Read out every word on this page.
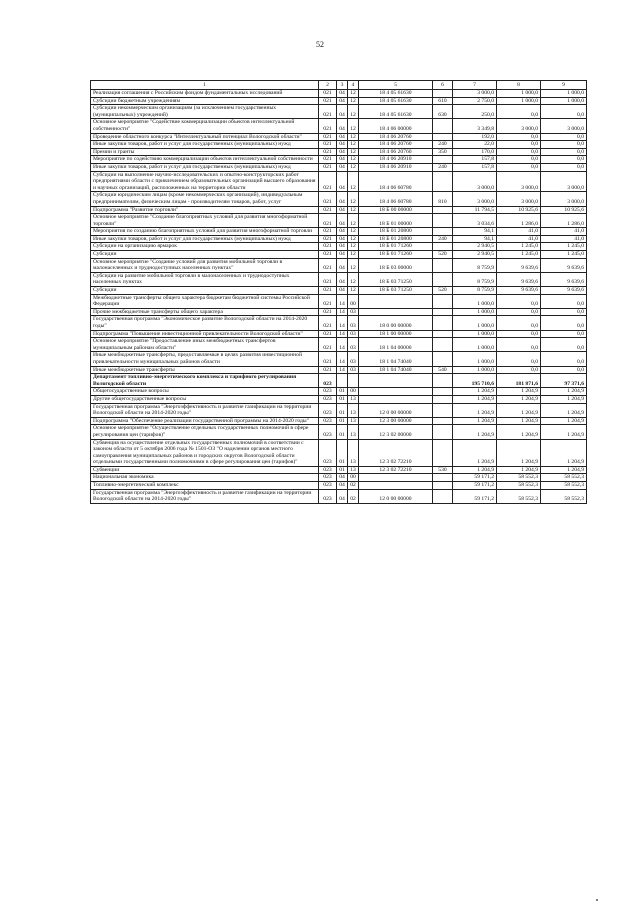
52
1	2	3	4	5	6	7	8	9
Реализация соглашения с Российским фондом фундаментальных исследований	021	04	12	18 4 05 61630		3 000,0	1 000,0	1 000,0
Субсидии бюджетным учреждениям	021	04	12	18 4 05 61630	610	2 750,0	1 000,0	1 000,0
Субсидии некоммерческим организациям (за исключением государственных (муниципальных) учреждений)	021	04	12	18 4 05 61630	630	250,0	0,0	0,0
Основное мероприятие "Содействие коммерциализации объектов интеллектуальной собственности"	021	04	12	18 4 06 00000		3 349,8	3 000,0	3 000,0
Проведение областного конкурса "Интеллектуальный потенциал Вологодской области"	021	04	12	18 4 06 20760		192,0	0,0	0,0
Иные закупки товаров, работ и услуг для государственных (муниципальных) нужд	021	04	12	18 4 06 20760	240	22,0	0,0	0,0
Премии и гранты	021	04	12	18 4 06 20760	350	170,0	0,0	0,0
Мероприятие по содействию коммерциализации объектов интеллектуальной собственности	021	04	12	18 4 06 20910		157,8	0,0	0,0
Иные закупки товаров, работ и услуг для государственных (муниципальных) нужд	021	04	12	18 4 06 20910	240	157,8	0,0	0,0
Субсидии на выполнение научно-исследовательских и опытно-конструкторских работ предприятиями области с привлечением образовательных организаций высшего образования и научных организаций, расположенных на территории области	021	04	12	18 4 06 60780		3 000,0	3 000,0	3 000,0
Субсидии юридическим лицам (кроме некоммерческих организаций), индивидуальным предпринимателям, физическим лицам - производителям товаров, работ, услуг	021	04	12	18 4 06 60780	810	3 000,0	3 000,0	3 000,0
Подпрограмма "Развитие торговли"	021	04	12	18 Б 00 00000		11 794,5	10 925,6	10 925,6
Основное мероприятие "Создание благоприятных условий для развития многоформатной торговли"	021	04	12	18 Б 01 00000		3 034,6	1 286,0	1 286,0
Мероприятия по созданию благоприятных условий для развития многоформатной торговли	021	04	12	18 Б 01 20800		94,1	41,0	41,0
Иные закупки товаров, работ и услуг для государственных (муниципальных) нужд	021	04	12	18 Б 01 20800	240	94,1	41,0	41,0
Субсидии на организацию ярмарок	021	04	12	18 Б 01 71260		2 940,5	1 245,0	1 245,0
Субсидии	021	04	12	18 Б 01 71260	520	2 940,5	1 245,0	1 245,0
Основное мероприятие "Создание условий для развития мобильной торговли в малонаселенных и труднодоступных населенных пунктах"	021	04	12	18 Б 03 00000		8 759,9	9 639,6	9 639,6
Субсидии на развитие мобильной торговли в малонаселенных и труднодоступных населенных пунктах	021	04	12	18 Б 03 71250		8 759,9	9 639,6	9 639,6
Субсидии	021	04	12	18 Б 03 71250	520	8 759,9	9 639,6	9 639,6
Межбюджетные трансферты общего характера бюджетам бюджетной системы Российской Федерации	021	14	00			1 000,0	0,0	0,0
Прочие межбюджетные трансферты общего характера	021	14	03			1 000,0	0,0	0,0
Государственная программа "Экономическое развитие Вологодской области на 2014-2020 годы"	021	14	03	18 0 00 00000		1 000,0	0,0	0,0
Подпрограмма "Повышение инвестиционной привлекательности Вологодской области"	021	14	03	18 1 00 00000		1 000,0	0,0	0,0
Основное мероприятие "Предоставление иных межбюджетных трансфертов муниципальным районам области"	021	14	03	18 1 04 00000		1 000,0	0,0	0,0
Иные межбюджетные трансферты, предоставляемые в целях развития инвестиционной привлекательности муниципальных районов области	021	14	03	18 1 04 74040		1 000,0	0,0	0,0
Иные межбюджетные трансферты	021	14	03	18 1 04 74040	540	1 000,0	0,0	0,0
Департамент топливно-энергетического комплекса и тарифного регулирования Вологодской области	023					195 710,6	181 871,6	97 371,6
Общегосударственные вопросы	023	01	00			1 204,9	1 204,9	1 204,9
Другие общегосударственные вопросы	023	01	13			1 204,9	1 204,9	1 204,9
Государственная программа "Энергоэффективность и развитие газификации на территории Вологодской области на 2014-2020 годы"	023	01	13	12 0 00 00000		1 204,9	1 204,9	1 204,9
Подпрограмма "Обеспечение реализации государственной программы на 2014-2020 годы"	023	01	13	12 3 00 00000		1 204,9	1 204,9	1 204,9
Основное мероприятие "Осуществление отдельных государственных полномочий в сфере регулирования цен (тарифов)"	023	01	13	12 3 02 00000		1 204,9	1 204,9	1 204,9
Субвенция на осуществление отдельных государственных полномочий в соответствии с законом области от 5 октября 2006 года № 1501-ОЗ "О наделении органов местного самоуправления муниципальных районов и городских округов Вологодской области отдельными государственными полномочиями в сфере регулирования цен (тарифов)"	023	01	13	12 3 02 72210		1 204,9	1 204,9	1 204,9
Субвенции	023	01	13	12 3 02 72210	530	1 204,9	1 204,9	1 204,9
Национальная экономика	023	04	00			59 171,2	58 552,3	58 552,3
Топливно-энергетический комплекс	023	04	02			59 171,2	58 552,3	58 552,3
Государственная программа "Энергоэффективность и развитие газификации на территории Вологодской области на 2014-2020 годы"	023	04	02	12 0 00 00000		59 171,2	58 552,3	58 552,3
